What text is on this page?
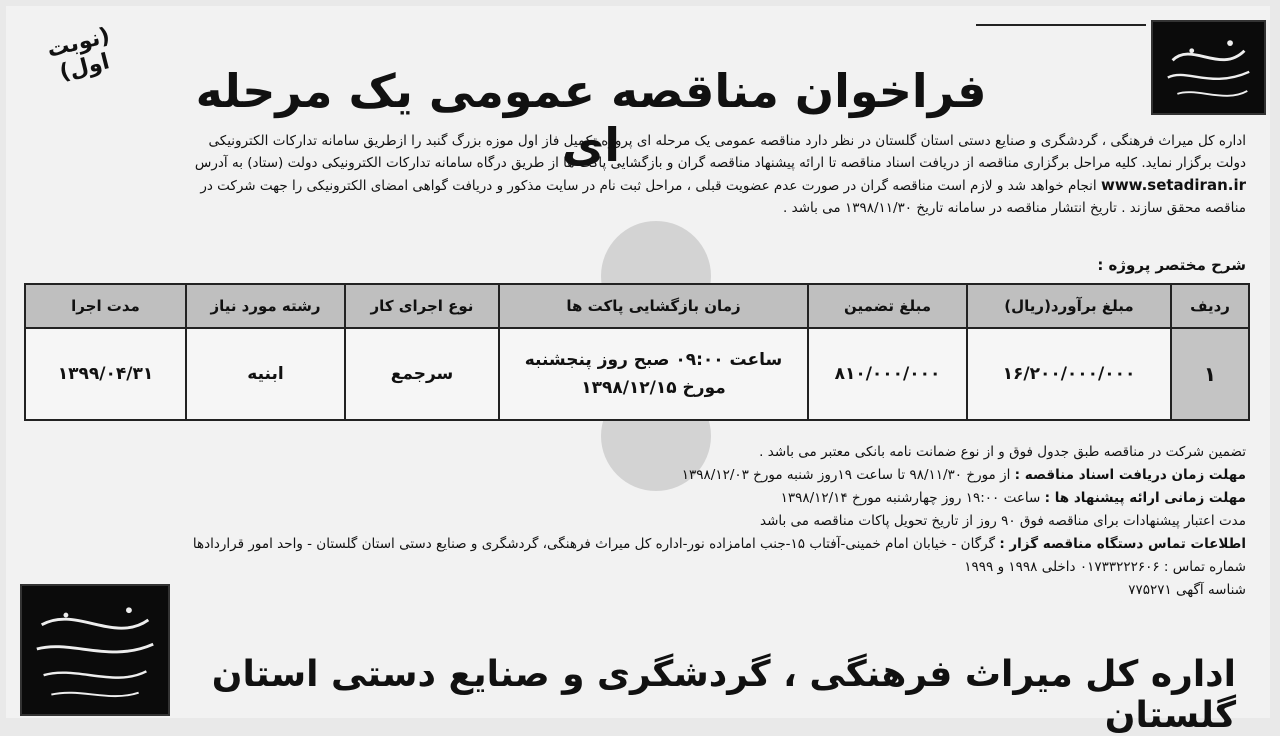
(نوبت اول)	فراخوان مناقصه عمومی یک مرحله ای
اداره کل میراث فرهنگی ، گردشگری و صنایع دستی استان گلستان در نظر دارد مناقصه عمومی یک مرحله ای پروژه تکمیل فاز اول موزه بزرگ گنبد را ازطریق سامانه تدارکات الکترونیکی
دولت برگزار نماید. کلیه مراحل برگزاری مناقصه از دریافت اسناد مناقصه تا ارائه پیشنهاد مناقصه گران و بازگشایی پاکت ها از طریق درگاه سامانه تدارکات الکترونیکی دولت (ستاد) به آدرس
www.setadiran.ir انجام خواهد شد و لازم است مناقصه گران در صورت عدم عضویت قبلی ، مراحل ثبت نام در سایت مذکور و دریافت گواهی امضای الکترونیکی را جهت شرکت در
مناقصه محقق سازند . تاریخ انتشار مناقصه در سامانه تاریخ ۱۳۹۸/۱۱/۳۰ می باشد .
شرح مختصر پروژه :
ردیف	مبلغ برآورد(ریال)	مبلغ تضمین	زمان بازگشایی پاکت ها	نوع اجرای کار	رشته مورد نیاز	مدت اجرا
۱	۱۶/۲۰۰/۰۰۰/۰۰۰	۸۱۰/۰۰۰/۰۰۰	ساعت ۰۹:۰۰ صبح روز پنجشنبه
مورخ ۱۳۹۸/۱۲/۱۵	سرجمع	ابنیه	۱۳۹۹/۰۴/۳۱
تضمین شرکت در مناقصه طبق جدول فوق و از نوع ضمانت نامه بانکی معتبر می باشد .
مهلت زمان دریافت اسناد مناقصه : از مورخ ۹۸/۱۱/۳۰ تا ساعت ۱۹روز شنبه مورخ ۱۳۹۸/۱۲/۰۳
مهلت زمانی ارائه پیشنهاد ها : ساعت ۱۹:۰۰ روز چهارشنبه مورخ ۱۳۹۸/۱۲/۱۴
مدت اعتبار پیشنهادات برای مناقصه فوق ۹۰ روز از تاریخ تحویل پاکات مناقصه می باشد
اطلاعات تماس دستگاه مناقصه گزار : گرگان - خیابان امام خمینی-آفتاب ۱۵-جنب امامزاده نور-اداره کل میراث فرهنگی، گردشگری و صنایع دستی استان گلستان - واحد امور قراردادها
شماره تماس : ۰۱۷۳۳۲۲۲۶۰۶ داخلی ۱۹۹۸ و ۱۹۹۹
شناسه آگهی ۷۷۵۲۷۱
اداره کل میراث فرهنگی ، گردشگری و صنایع دستی استان گلستان
